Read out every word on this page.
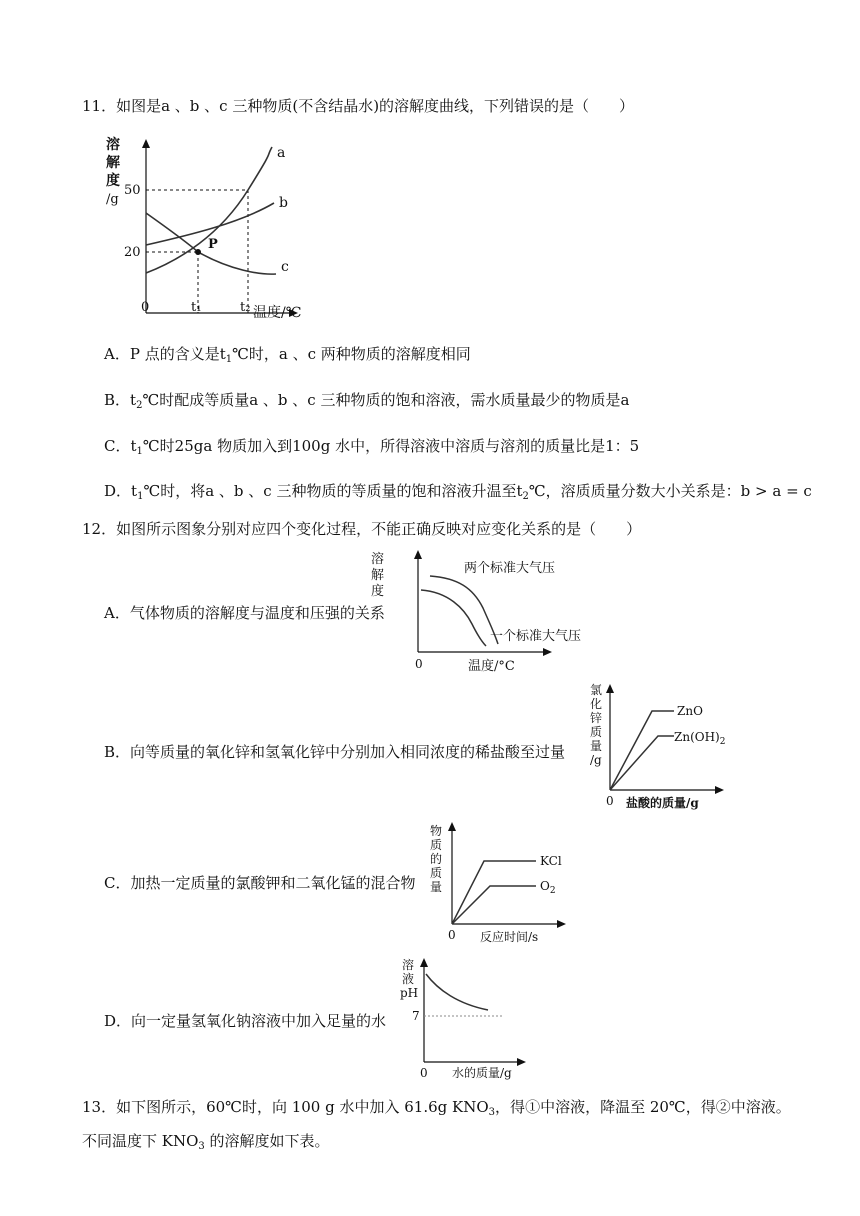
11．如图是a 、b 、c 三种物质(不含结晶水)的溶解度曲线，下列错误的是（　　）
溶
解
度
/g
50
20
P
a
b
c
0	t₁	t₂ 温度/℃
A．P 点的含义是$t_1℃$时，a 、c 两种物质的溶解度相同
B．$t_2℃$时配成等质量a 、b 、c 三种物质的饱和溶液，需水质量最少的物质是a
C．$t_1℃$时25ga 物质加入到100g 水中，所得溶液中溶质与溶剂的质量比是1：5
D．$t_1℃$时，将a 、b 、c 三种物质的等质量的饱和溶液升温至$t_2℃$，溶质质量分数大小关系是：b > a = c
12．如图所示图象分别对应四个变化过程，不能正确反映对应变化关系的是（　　）
A．气体物质的溶解度与温度和压强的关系
溶
解
度
0	温度/°C
两个标准大气压
一个标准大气压
B．向等质量的氧化锌和氢氧化锌中分别加入相同浓度的稀盐酸至过量
氯
化
锌
质
量
/g
0 盐酸的质量/g
ZnO
$Zn(OH)_2$
C．加热一定质量的氯酸钾和二氧化锰的混合物
物
质
的
质
量
0 反应时间/s
KCl
$O_2$
D．向一定量氢氧化钠溶液中加入足量的水
溶
液
pH
7
0 水的质量/g
13．如下图所示，60℃时，向 100 g 水中加入 61.6g $KNO_3$，得①中溶液，降温至 20℃，得②中溶液。
不同温度下 $KNO_3$ 的溶解度如下表。
